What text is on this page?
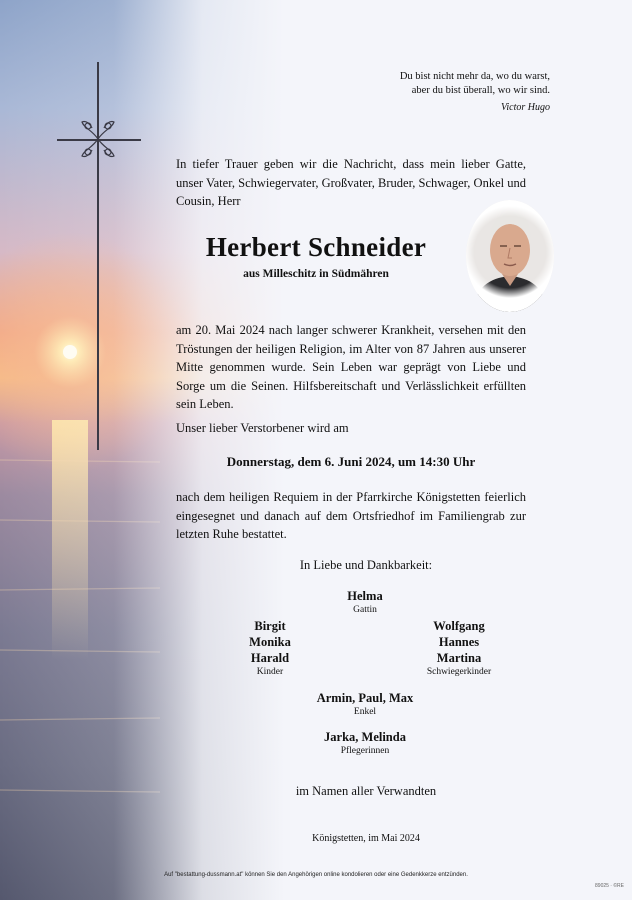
Du bist nicht mehr da, wo du warst,
aber du bist überall, wo wir sind.
Victor Hugo
In tiefer Trauer geben wir die Nachricht, dass mein lieber Gatte, unser Vater, Schwiegervater, Großvater, Bruder, Schwager, Onkel und Cousin, Herr
Herbert Schneider
aus Milleschitz in Südmähren
am 20. Mai 2024 nach langer schwerer Krankheit, versehen mit den Tröstungen der heiligen Religion, im Alter von 87 Jahren aus unserer Mitte genommen wurde. Sein Leben war geprägt von Liebe und Sorge um die Seinen. Hilfsbereitschaft und Verlässlichkeit erfüllten sein Leben.
Unser lieber Verstorbener wird am
Donnerstag, dem 6. Juni 2024, um 14:30 Uhr
nach dem heiligen Requiem in der Pfarrkirche Königstetten feierlich eingesegnet und danach auf dem Ortsfriedhof im Familiengrab zur letzten Ruhe bestattet.
In Liebe und Dankbarkeit:
Helma
Gattin
Birgit
Monika
Harald
Kinder
Wolfgang
Hannes
Martina
Schwiegerkinder
Armin, Paul, Max
Enkel
Jarka, Melinda
Pflegerinnen
im Namen aller Verwandten
Königstetten, im Mai 2024
Auf "bestattung-dussmann.at" können Sie den Angehörigen online kondolieren oder eine Gedenkkerze entzünden.
89025 · ©RE
